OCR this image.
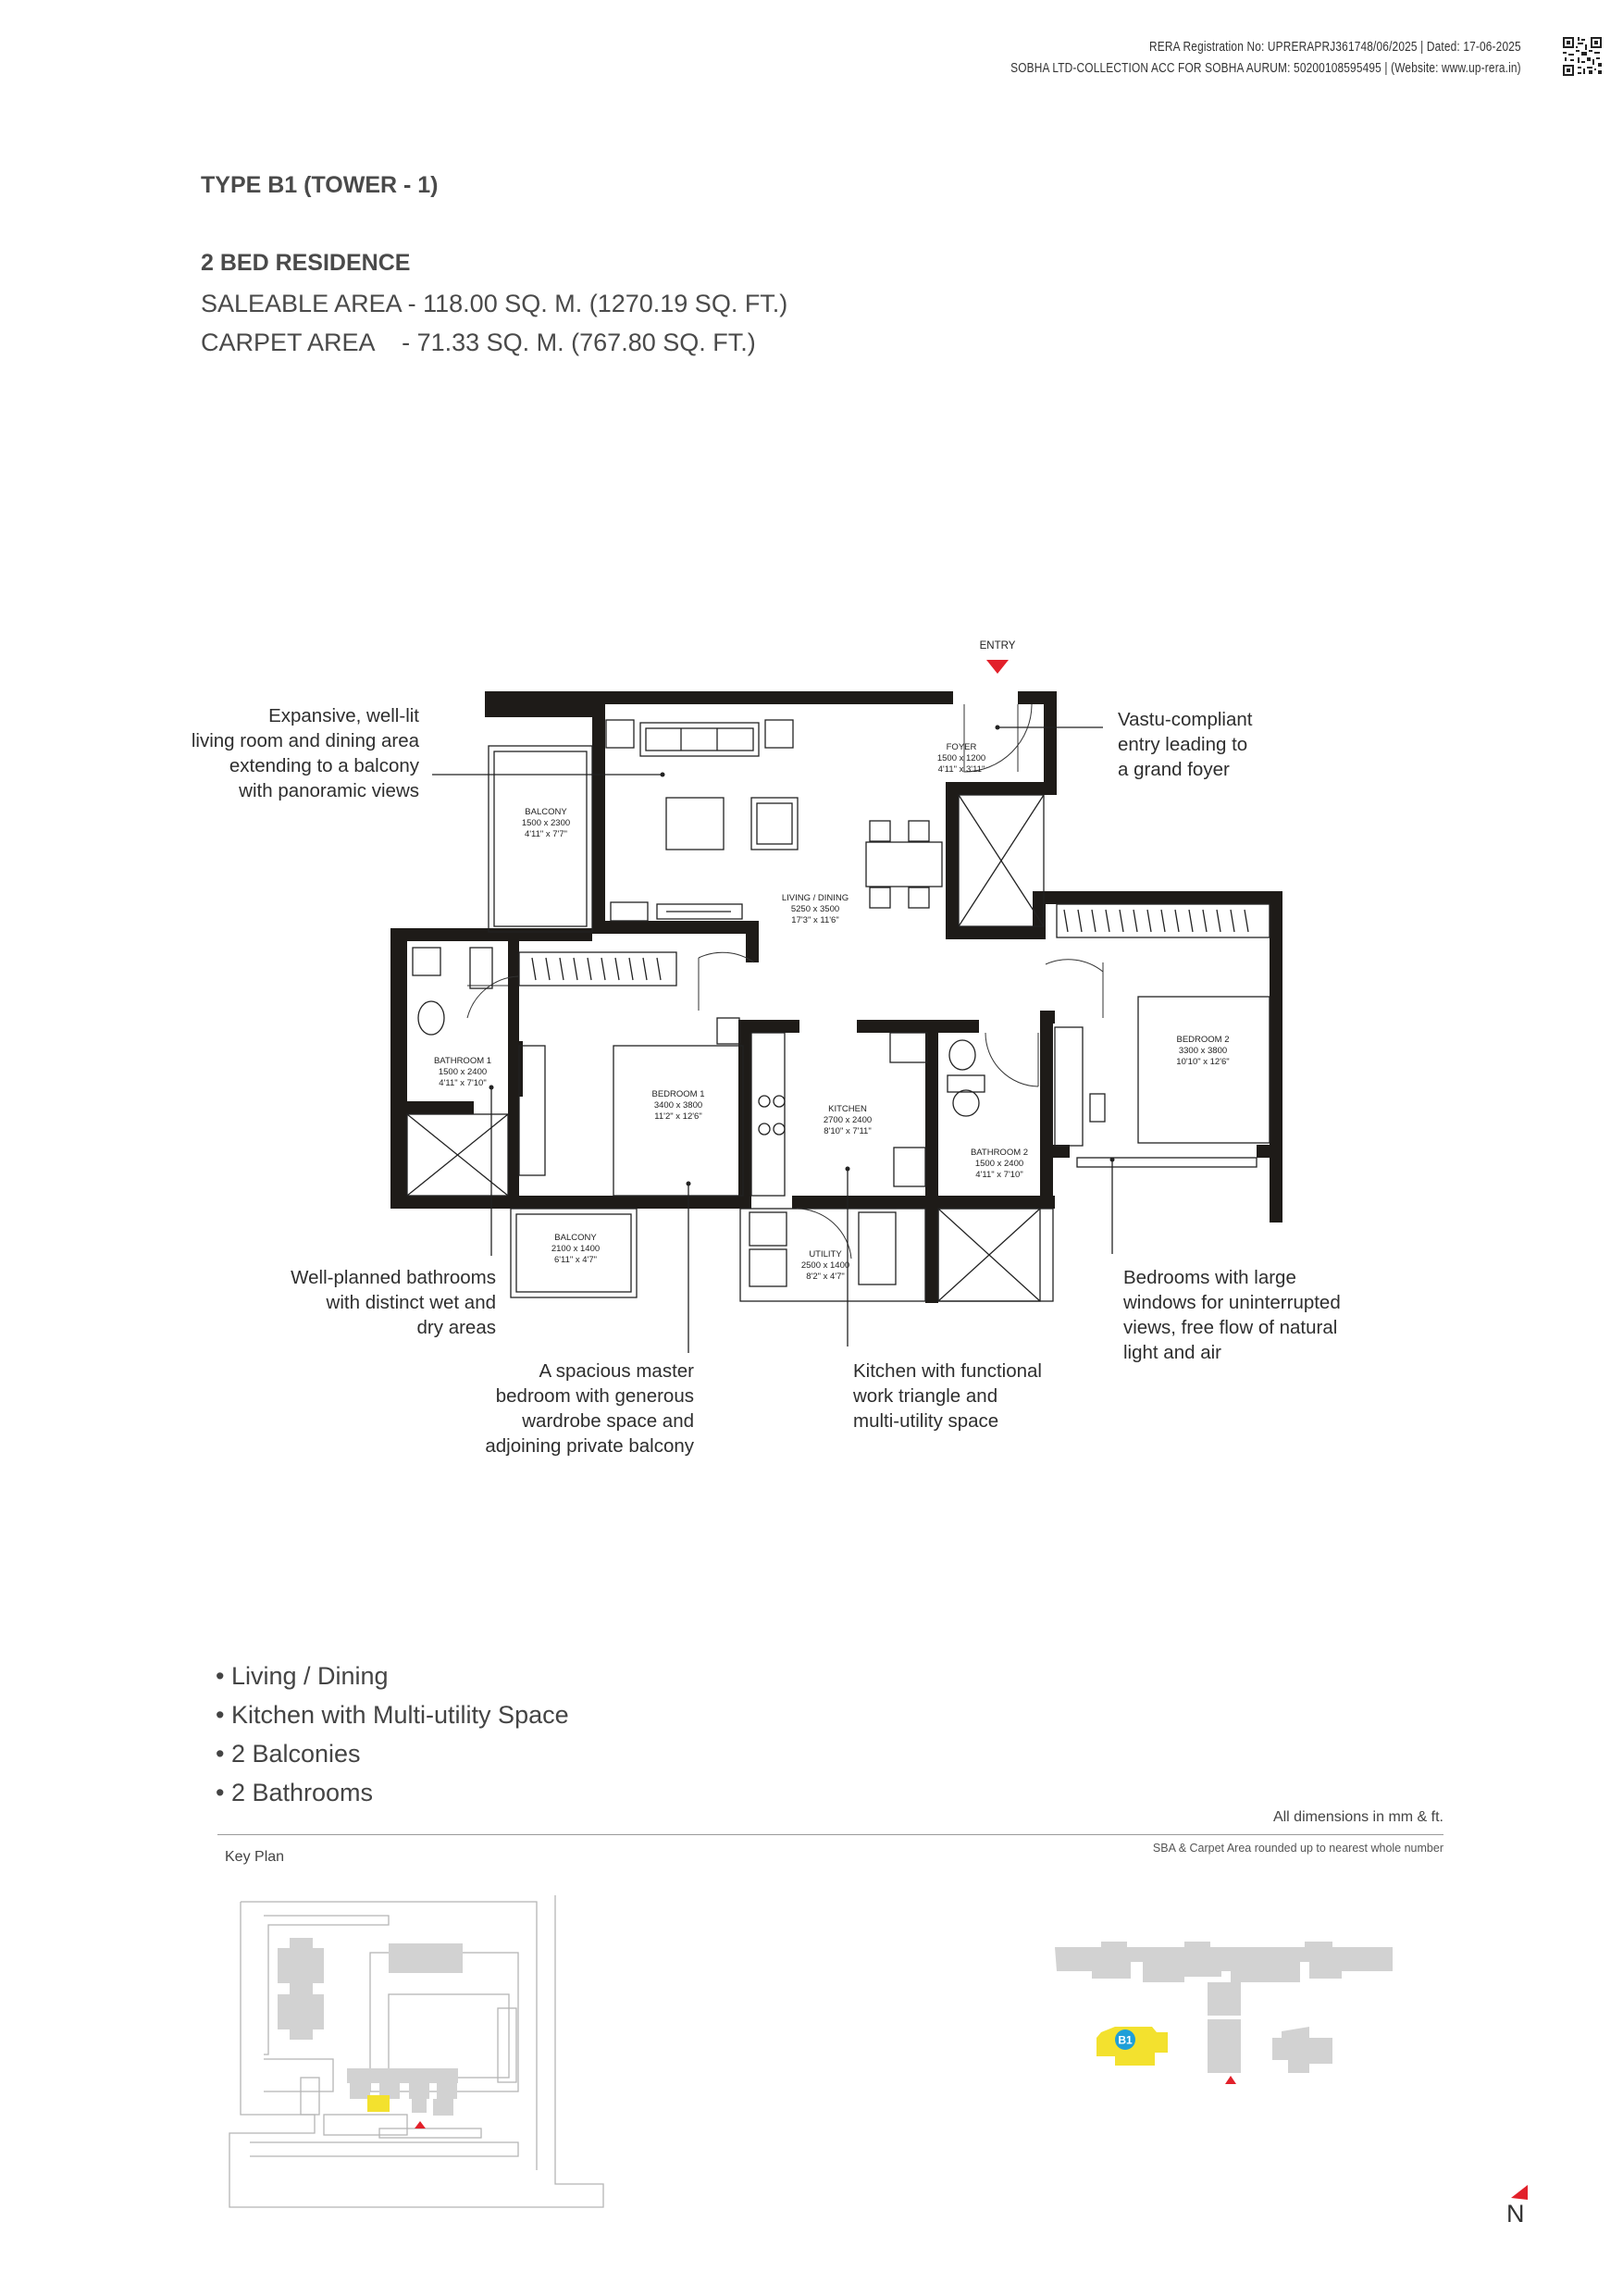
RERA Registration No: UPRERAPRJ361748/06/2025 | Dated: 17-06-2025
SOBHA LTD-COLLECTION ACC FOR SOBHA AURUM: 50200108595495 | (Website: www.up-rera.in)
TYPE B1 (TOWER - 1)
2 BED RESIDENCE
SALEABLE AREA - 118.00 SQ. M. (1270.19 SQ. FT.)
CARPET AREA    - 71.33 SQ. M. (767.80 SQ. FT.)
ENTRY
FOYER
1500 x 1200
4'11" x 3'11"
BALCONY
1500 x 2300
4'11" x 7'7"
LIVING / DINING
5250 x 3500
17'3" x 11'6"
BATHROOM 1
1500 x 2400
4'11" x 7'10"
BEDROOM 1
3400 x 3800
11'2" x 12'6"
KITCHEN
2700 x 2400
8'10" x 7'11"
BEDROOM 2
3300 x 3800
10'10" x 12'6"
BATHROOM 2
1500 x 2400
4'11" x 7'10"
BALCONY
2100 x 1400
6'11" x 4'7"
UTILITY
2500 x 1400
8'2" x 4'7"
Expansive, well-lit
living room and dining area
extending to a balcony
with panoramic views
Vastu-compliant
entry leading to
a grand foyer
Well-planned bathrooms
with distinct wet and
dry areas
A spacious master
bedroom with generous
wardrobe space and
adjoining private balcony
Kitchen with functional
work triangle and
multi-utility space
Bedrooms with large
windows for uninterrupted
views, free flow of natural
light and air
• Living / Dining
• Kitchen with Multi-utility Space
• 2 Balconies
• 2 Bathrooms
All dimensions in mm & ft.
SBA & Carpet Area rounded up to nearest whole number
Key Plan
B1
N
